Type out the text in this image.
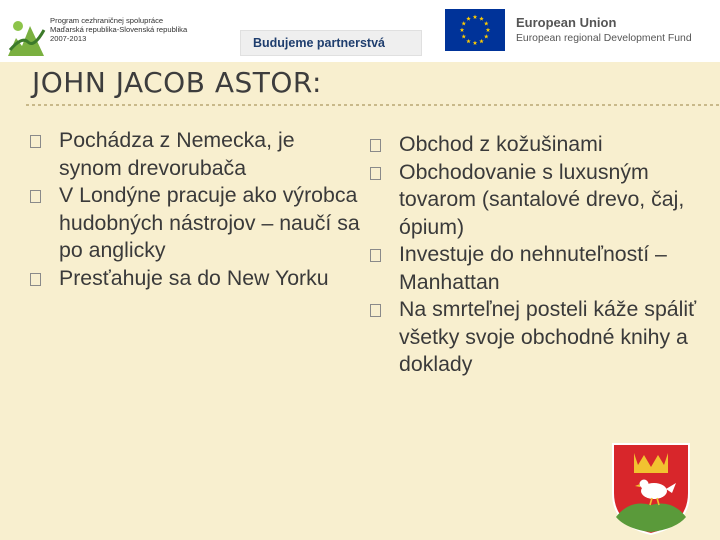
Program cezhraničnej spolupráce
Maďarská republika-Slovenská republika
2007-2013	Budujeme partnerstvá
European Union
European regional Development Fund
JOHN JACOB ASTOR:
Pochádza z Nemecka, je synom drevorubača
V Londýne pracuje ako výrobca hudobných nástrojov – naučí sa po anglicky
Presťahuje sa do New Yorku
Obchod z kožušinami
Obchodovanie s luxusným tovarom (santalové drevo, čaj, ópium)
Investuje do nehnuteľností – Manhattan
Na smrteľnej posteli káže spáliť všetky svoje obchodné knihy a doklady
